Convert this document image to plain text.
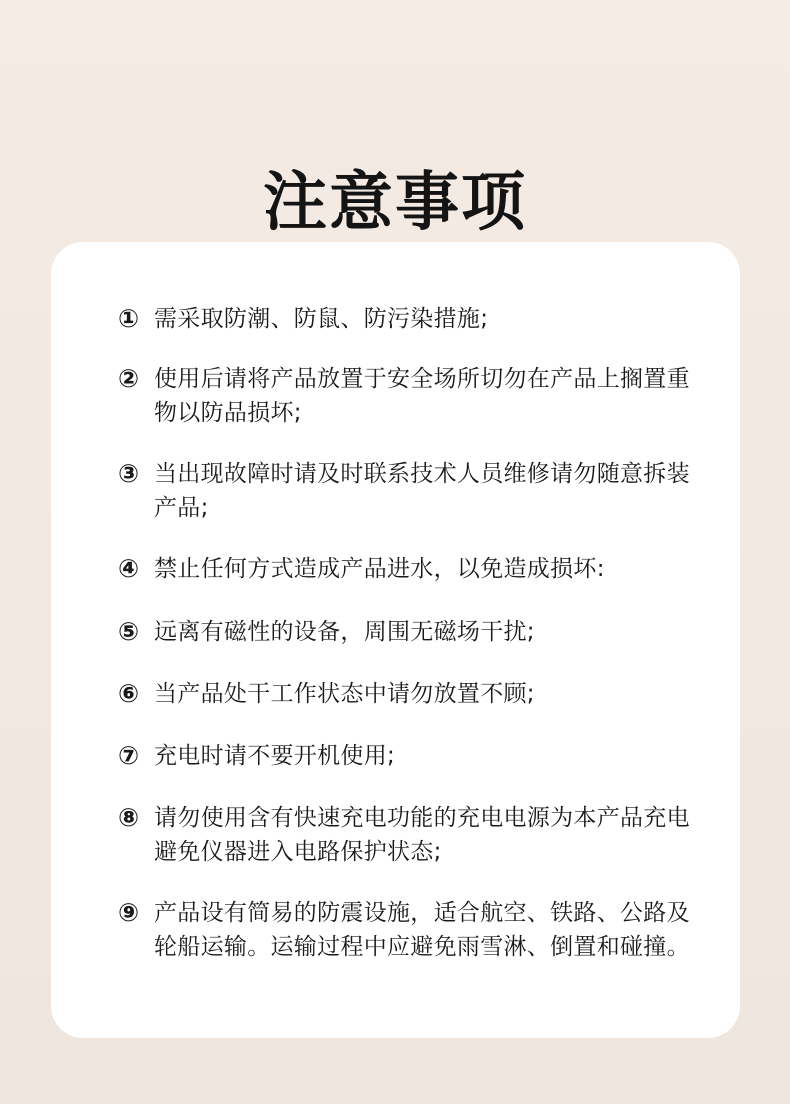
注意事项
① 需采取防潮、防鼠、防污染措施;
② 使用后请将产品放置于安全场所切勿在产品上搁置重物以防品损坏;
③ 当出现故障时请及时联系技术人员维修请勿随意拆装产品;
④ 禁止任何方式造成产品进水，以免造成损坏:
⑤ 远离有磁性的设备，周围无磁场干扰;
⑥ 当产品处干工作状态中请勿放置不顾;
⑦ 充电时请不要开机使用;
⑧ 请勿使用含有快速充电功能的充电电源为本产品充电避免仪器进入电路保护状态;
⑨ 产品设有简易的防震设施，适合航空、铁路、公路及轮船运输。运输过程中应避免雨雪淋、倒置和碰撞。
